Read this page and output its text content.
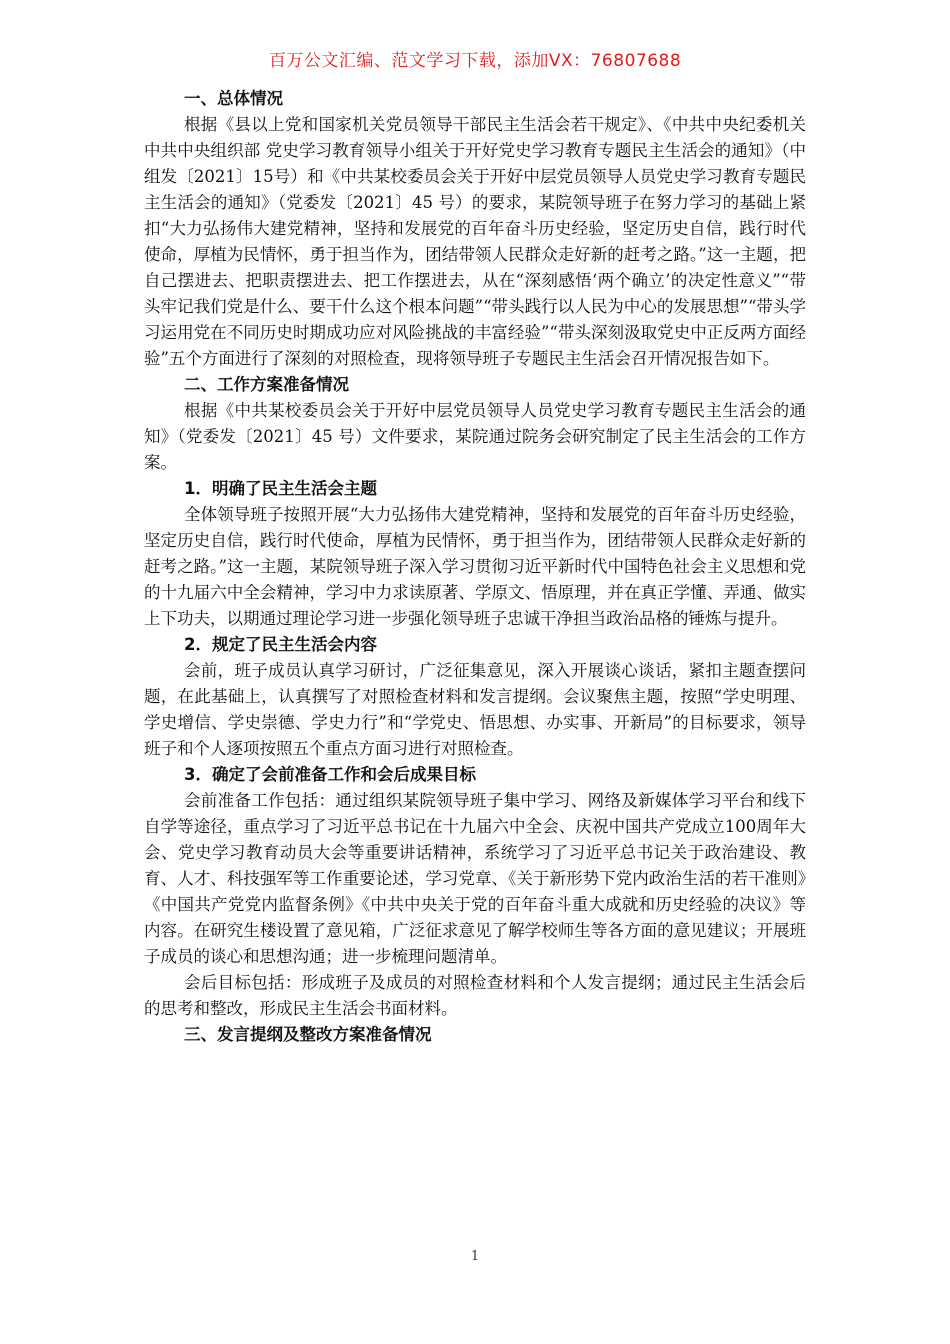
百万公文汇编、范文学习下载，添加VX：76807688
一、总体情况

根据《县以上党和国家机关党员领导干部民主生活会若干规定》、《中共中央纪委机关　中共中央组织部 党史学习教育领导小组关于开好党史学习教育专题民主生活会的通知》（中组发〔2021〕15号）和《中共某校委员会关于开好中层党员领导人员党史学习教育专题民主生活会的通知》（党委发〔2021〕45 号）的要求，某院领导班子在努力学习的基础上紧扣“大力弘扬伟大建党精神，坚持和发展党的百年奋斗历史经验，坚定历史自信，践行时代使命，厚植为民情怀，勇于担当作为，团结带领人民群众走好新的赶考之路。”这一主题，把自己摆进去、把职责摆进去、把工作摆进去，从在“深刻感悟‘两个确立’的决定性意义”“带头牢记我们党是什么、要干什么这个根本问题”“带头践行以人民为中心的发展思想”“带头学习运用党在不同历史时期成功应对风险挑战的丰富经验”“带头深刻汲取党史中正反两方面经验”五个方面进行了深刻的对照检查，现将领导班子专题民主生活会召开情况报告如下。

二、工作方案准备情况

根据《中共某校委员会关于开好中层党员领导人员党史学习教育专题民主生活会的通知》（党委发〔2021〕45 号）文件要求，某院通过院务会研究制定了民主生活会的工作方案。

1．明确了民主生活会主题

全体领导班子按照开展“大力弘扬伟大建党精神，坚持和发展党的百年奋斗历史经验，坚定历史自信，践行时代使命，厚植为民情怀，勇于担当作为，团结带领人民群众走好新的赶考之路。”这一主题，某院领导班子深入学习贯彻习近平新时代中国特色社会主义思想和党的十九届六中全会精神，学习中力求读原著、学原文、悟原理，并在真正学懂、弄通、做实上下功夫，以期通过理论学习进一步强化领导班子忠诚干净担当政治品格的锤炼与提升。

2．规定了民主生活会内容

会前，班子成员认真学习研讨，广泛征集意见，深入开展谈心谈话，紧扣主题查摆问题，在此基础上，认真撰写了对照检查材料和发言提纲。会议聚焦主题，按照“学史明理、学史增信、学史崇德、学史力行”和“学党史、悟思想、办实事、开新局”的目标要求，领导班子和个人逐项按照五个重点方面习进行对照检查。

3．确定了会前准备工作和会后成果目标

会前准备工作包括：通过组织某院领导班子集中学习、网络及新媒体学习平台和线下自学等途径，重点学习了习近平总书记在十九届六中全会、庆祝中国共产党成立100周年大会、党史学习教育动员大会等重要讲话精神，系统学习了习近平总书记关于政治建设、教育、人才、科技强军等工作重要论述，学习党章、《关于新形势下党内政治生活的若干准则》《中国共产党党内监督条例》《中共中央关于党的百年奋斗重大成就和历史经验的决议》等内容。在研究生楼设置了意见箱，广泛征求意见了解学校师生等各方面的意见建议；开展班子成员的谈心和思想沟通；进一步梳理问题清单。

会后目标包括：形成班子及成员的对照检查材料和个人发言提纲；通过民主生活会后的思考和整改，形成民主生活会书面材料。

三、发言提纲及整改方案准备情况
1
